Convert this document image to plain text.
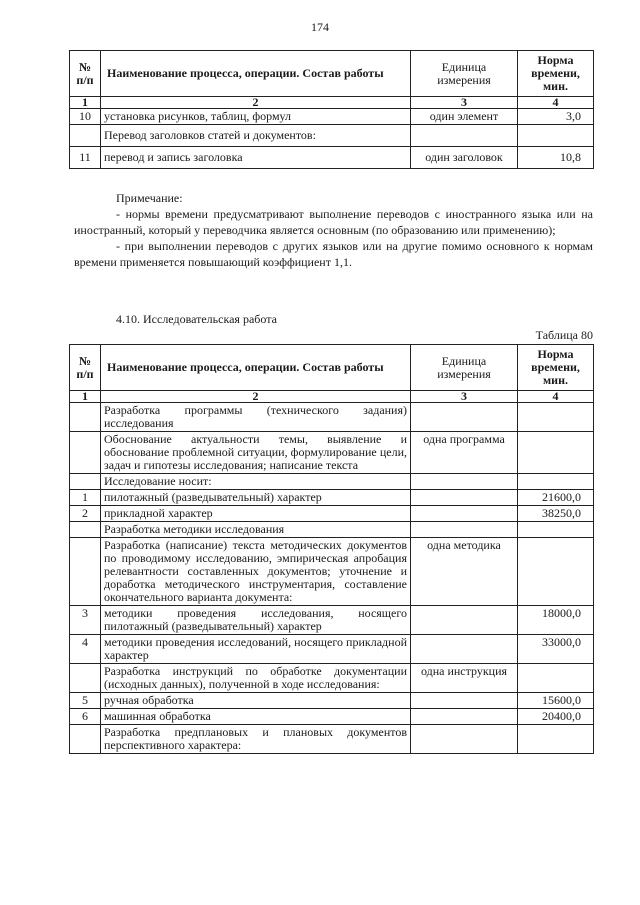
174
№ п/п	Наименование процесса, операции. Состав работы	Единица измерения	Норма времени, мин.
1	2	3	4
10	установка рисунков, таблиц, формул	один элемент	3,0
	Перевод заголовков статей и документов:		
11	перевод и запись заголовка	один заголовок	10,8

Примечание:

- нормы времени предусматривают выполнение переводов с иностранного языка или на иностранный, который у переводчика является основным (по образованию или применению);

- при выполнении переводов с других языков или на другие помимо основного к нормам времени применяется повышающий коэффициент 1,1.

4.10. Исследовательская работа
Таблица 80
№ п/п	Наименование процесса, операции. Состав работы	Единица измерения	Норма времени, мин.
1	2	3	4
	Разработка программы (технического задания) исследования		
	Обоснование актуальности темы, выявление и обоснование проблемной ситуации, формулирование цели, задач и гипотезы исследования; написание текста	одна программа	
	Исследование носит:		
1	пилотажный (разведывательный) характер		21600,0
2	прикладной характер		38250,0
	Разработка методики исследования		
	Разработка (написание) текста методических документов по проводимому исследованию, эмпирическая апробация релевантности составленных документов; уточнение и доработка методического инструментария, составление окончательного варианта документа:	одна методика	
3	методики проведения исследования, носящего пилотажный (разведывательный) характер		18000,0
4	методики проведения исследований, носящего прикладной характер		33000,0
	Разработка инструкций по обработке документации (исходных данных), полученной в ходе исследования:	одна инструкция	
5	ручная обработка		15600,0
6	машинная обработка		20400,0
	Разработка предплановых и плановых документов перспективного характера:		
